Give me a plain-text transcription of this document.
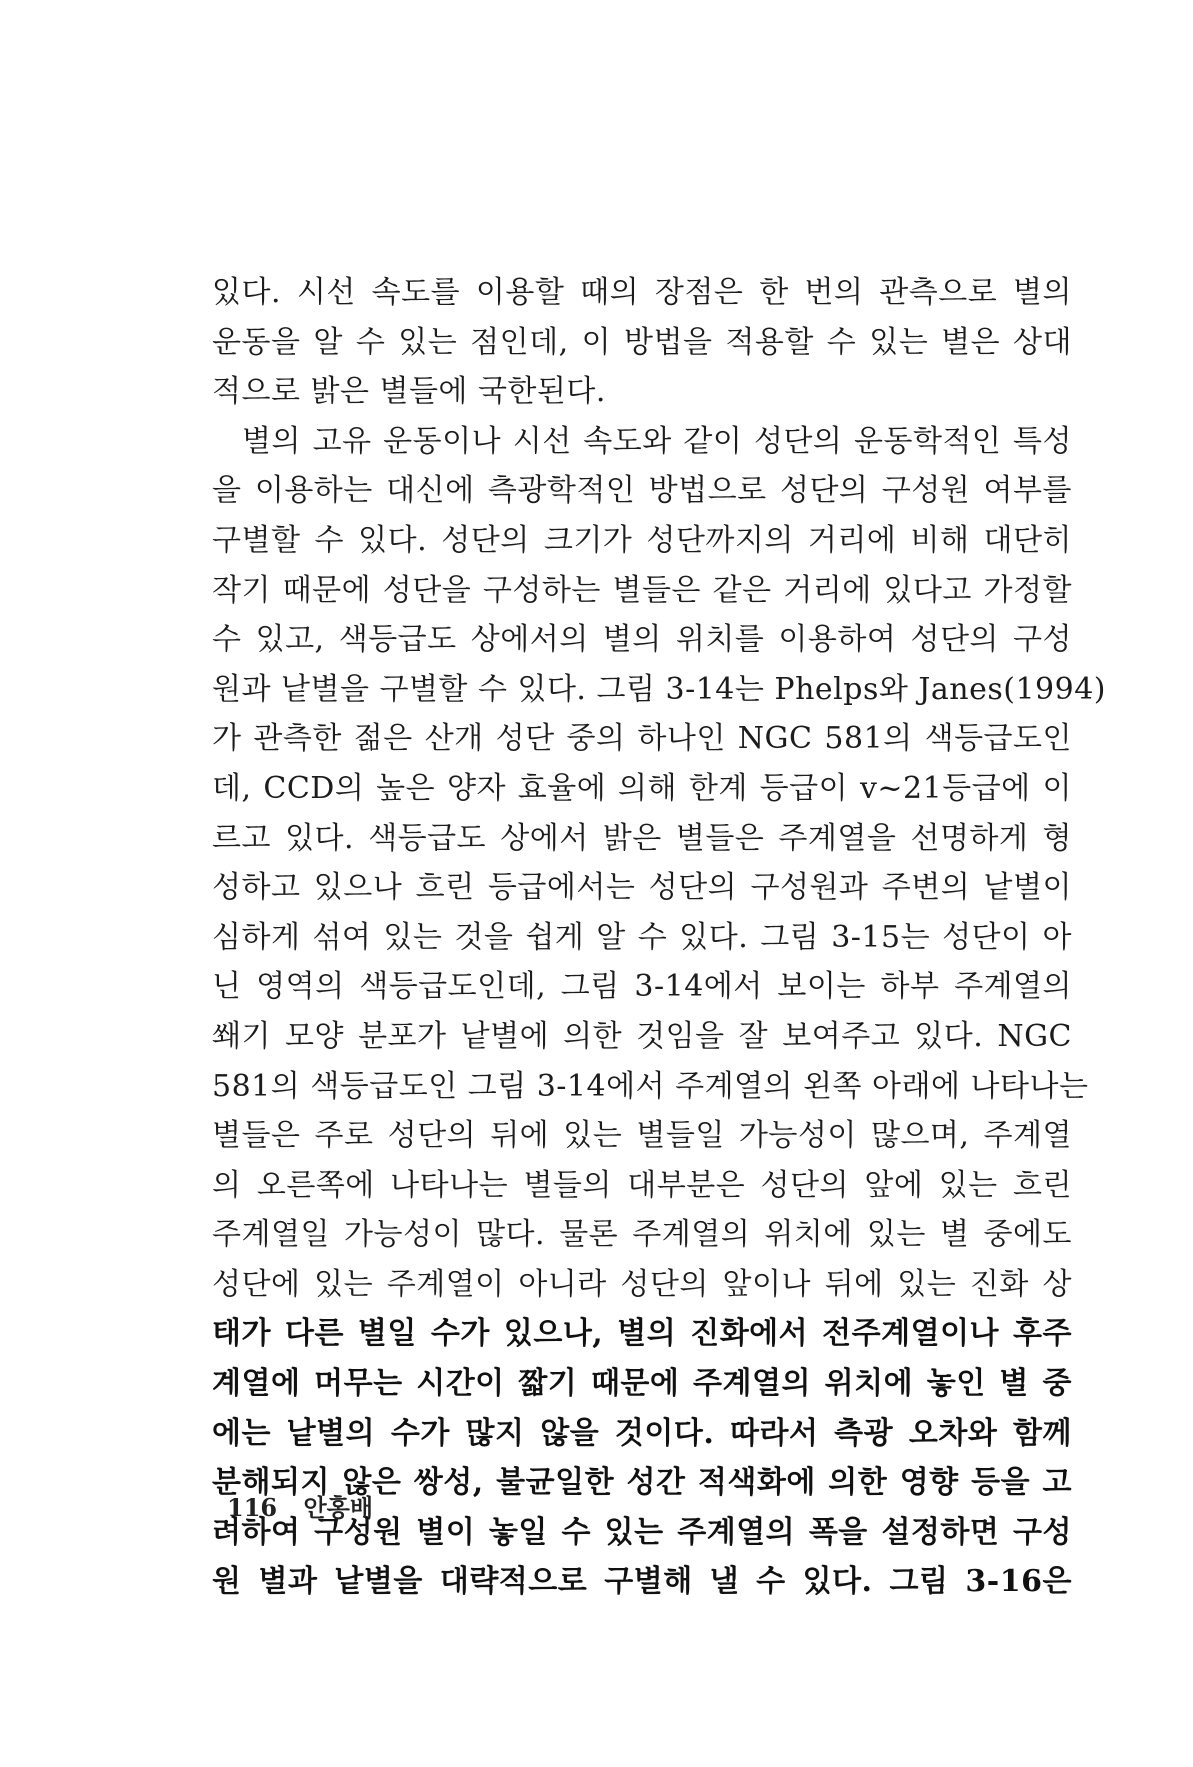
있다. 시선 속도를 이용할 때의 장점은 한 번의 관측으로 별의
운동을 알 수 있는 점인데, 이 방법을 적용할 수 있는 별은 상대
적으로 밝은 별들에 국한된다.
별의 고유 운동이나 시선 속도와 같이 성단의 운동학적인 특성
을 이용하는 대신에 측광학적인 방법으로 성단의 구성원 여부를
구별할 수 있다. 성단의 크기가 성단까지의 거리에 비해 대단히
작기 때문에 성단을 구성하는 별들은 같은 거리에 있다고 가정할
수 있고, 색등급도 상에서의 별의 위치를 이용하여 성단의 구성
원과 낱별을 구별할 수 있다. 그림 3-14는 Phelps와 Janes(1994)
가 관측한 젊은 산개 성단 중의 하나인 NGC 581의 색등급도인
데, CCD의 높은 양자 효율에 의해 한계 등급이 v~21등급에 이
르고 있다. 색등급도 상에서 밝은 별들은 주계열을 선명하게 형
성하고 있으나 흐린 등급에서는 성단의 구성원과 주변의 낱별이
심하게 섞여 있는 것을 쉽게 알 수 있다. 그림 3-15는 성단이 아
닌 영역의 색등급도인데, 그림 3-14에서 보이는 하부 주계열의
쐐기 모양 분포가 낱별에 의한 것임을 잘 보여주고 있다. NGC
581의 색등급도인 그림 3-14에서 주계열의 왼쪽 아래에 나타나는
별들은 주로 성단의 뒤에 있는 별들일 가능성이 많으며, 주계열
의 오른쪽에 나타나는 별들의 대부분은 성단의 앞에 있는 흐린
주계열일 가능성이 많다. 물론 주계열의 위치에 있는 별 중에도
성단에 있는 주계열이 아니라 성단의 앞이나 뒤에 있는 진화 상
태가 다른 별일 수가 있으나, 별의 진화에서 전주계열이나 후주
계열에 머무는 시간이 짧기 때문에 주계열의 위치에 놓인 별 중
에는 낱별의 수가 많지 않을 것이다. 따라서 측광 오차와 함께
분해되지 않은 쌍성, 불균일한 성간 적색화에 의한 영향 등을 고
려하여 구성원 별이 놓일 수 있는 주계열의 폭을 설정하면 구성
원 별과 낱별을 대략적으로 구별해 낼 수 있다. 그림 3-16은
116 안홍배
